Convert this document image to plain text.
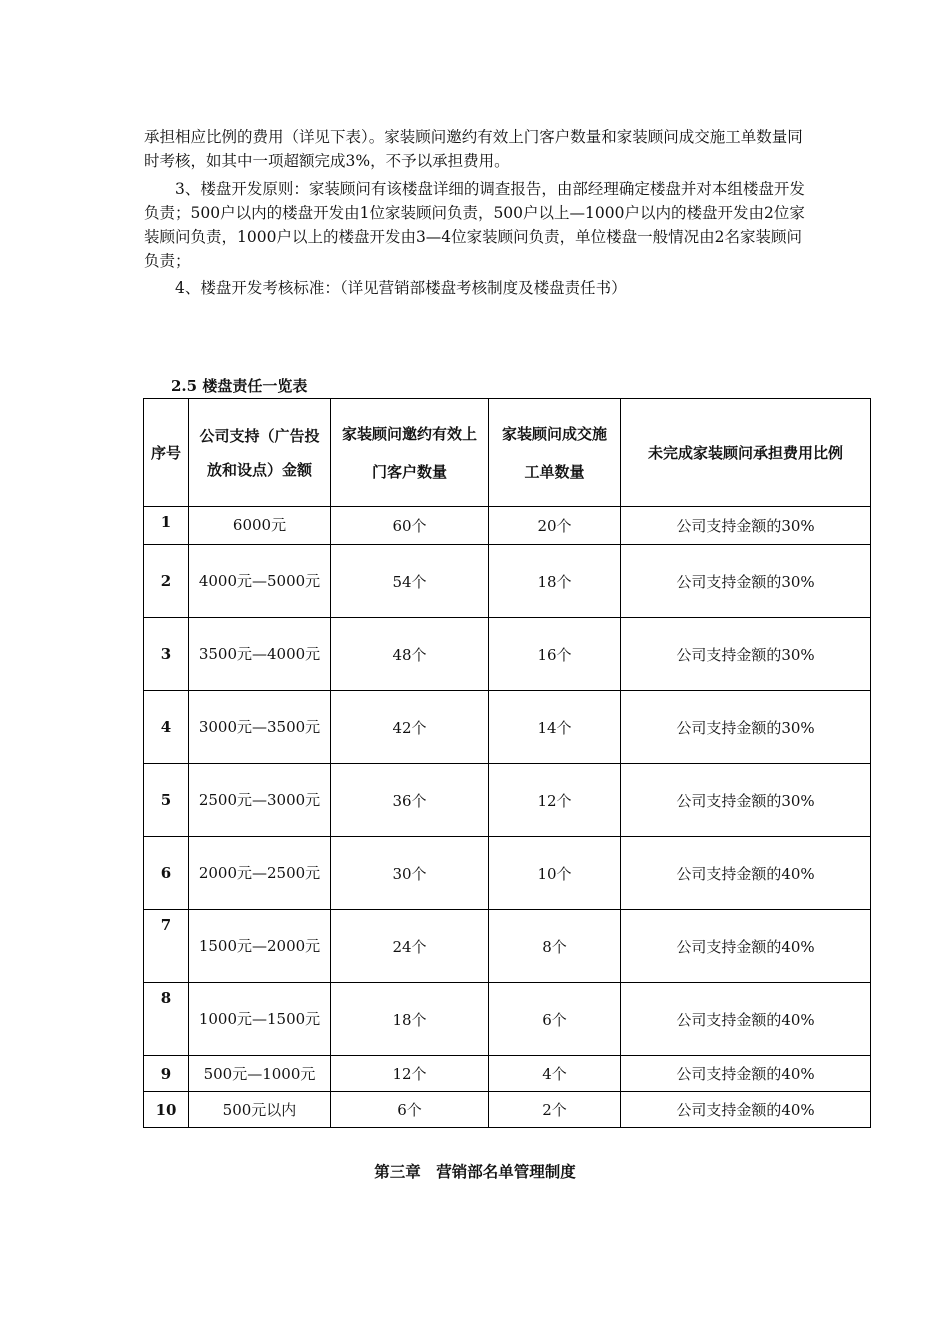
承担相应比例的费用（详见下表）。家装顾问邀约有效上门客户数量和家装顾问成交施工单数量同时考核，如其中一项超额完成3%，不予以承担费用。

　　3、楼盘开发原则：家装顾问有该楼盘详细的调查报告，由部经理确定楼盘并对本组楼盘开发负责；500户以内的楼盘开发由1位家装顾问负责，500户以上—1000户以内的楼盘开发由2位家装顾问负责，1000户以上的楼盘开发由3—4位家装顾问负责，单位楼盘一般情况由2名家装顾问负责；

　　4、楼盘开发考核标准：（详见营销部楼盘考核制度及楼盘责任书）

2.5 楼盘责任一览表
序号	公司支持（广告投放和设点）金额	家装顾问邀约有效上门客户数量	家装顾问成交施工单数量	未完成家装顾问承担费用比例
1	6000元	60个	20个	公司支持金额的30%
2	4000元—5000元	54个	18个	公司支持金额的30%
3	3500元—4000元	48个	16个	公司支持金额的30%
4	3000元—3500元	42个	14个	公司支持金额的30%
5	2500元—3000元	36个	12个	公司支持金额的30%
6	2000元—2500元	30个	10个	公司支持金额的40%
7	1500元—2000元	24个	8个	公司支持金额的40%
8	1000元—1500元	18个	6个	公司支持金额的40%
9	500元—1000元	12个	4个	公司支持金额的40%
10	500元以内	6个	2个	公司支持金额的40%
第三章　营销部名单管理制度
